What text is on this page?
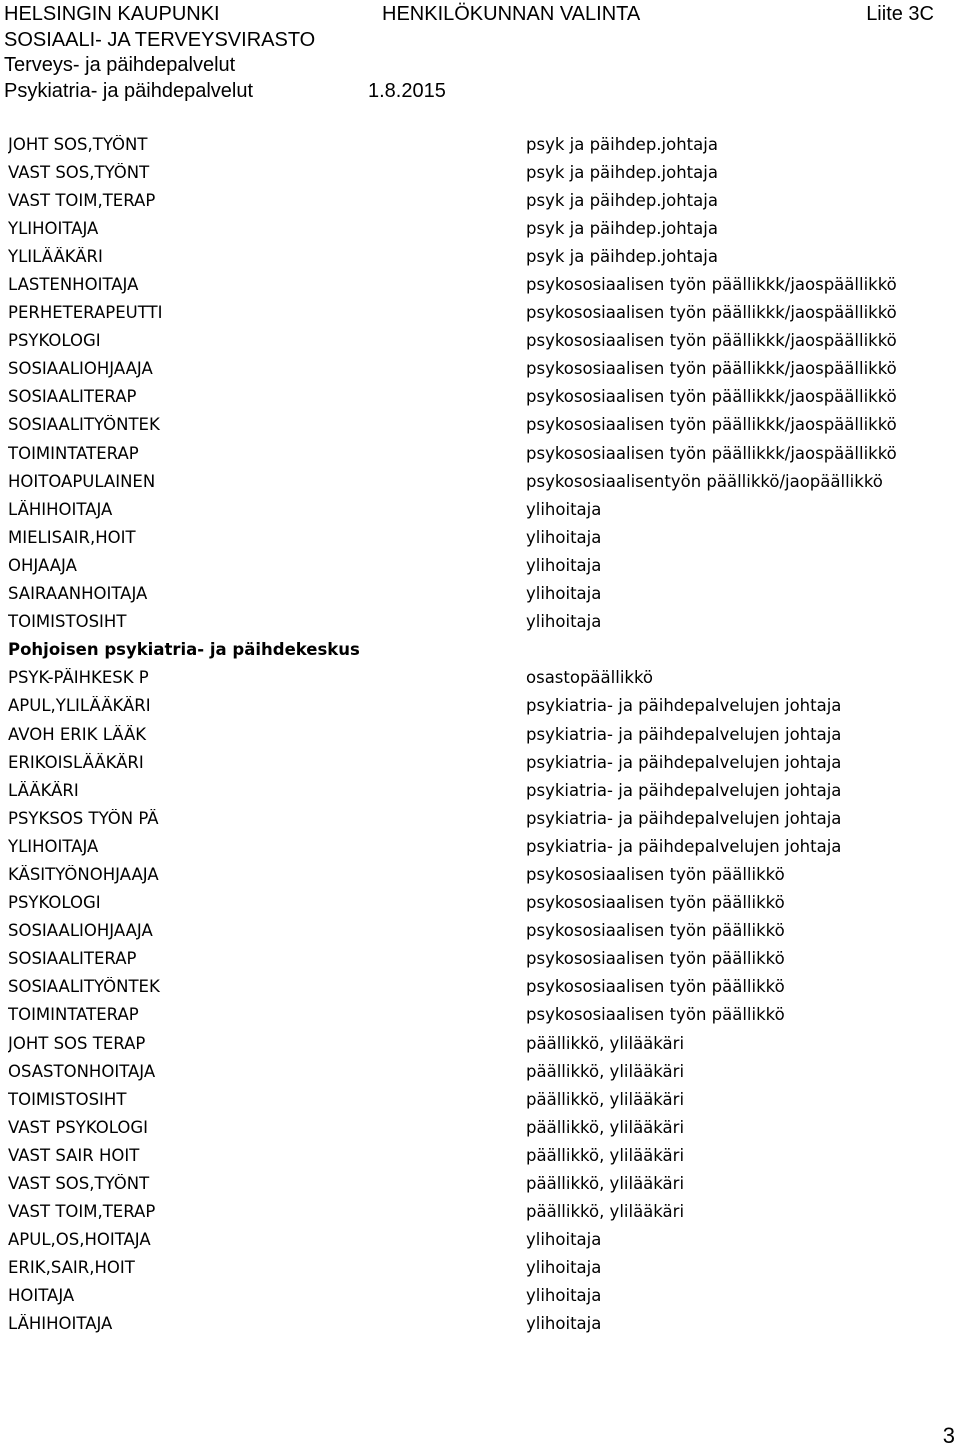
HELSINGIN KAUPUNKI	HENKILÖKUNNAN VALINTA	Liite 3C
SOSIAALI- JA TERVEYSVIRASTO
Terveys- ja päihdepalvelut
Psykiatria- ja päihdepalvelut	1.8.2015
JOHT SOS,TYÖNT	psyk ja päihdep.johtaja
VAST SOS,TYÖNT	psyk ja päihdep.johtaja
VAST TOIM,TERAP	psyk ja päihdep.johtaja
YLIHOITAJA	psyk ja päihdep.johtaja
YLILÄÄKÄRI	psyk ja päihdep.johtaja
LASTENHOITAJA	psykososiaalisen työn päällikkk/jaospäällikkö
PERHETERAPEUTTI	psykososiaalisen työn päällikkk/jaospäällikkö
PSYKOLOGI	psykososiaalisen työn päällikkk/jaospäällikkö
SOSIAALIOHJAAJA	psykososiaalisen työn päällikkk/jaospäällikkö
SOSIAALITERAP	psykososiaalisen työn päällikkk/jaospäällikkö
SOSIAALITYÖNTEK	psykososiaalisen työn päällikkk/jaospäällikkö
TOIMINTATERAP	psykososiaalisen työn päällikkk/jaospäällikkö
HOITOAPULAINEN	psykososiaalisentyön päällikkö/jaopäällikkö
LÄHIHOITAJA	ylihoitaja
MIELISAIR,HOIT	ylihoitaja
OHJAAJA	ylihoitaja
SAIRAANHOITAJA	ylihoitaja
TOIMISTOSIHT	ylihoitaja
Pohjoisen psykiatria- ja päihdekeskus
PSYK-PÄIHKESK P	osastopäällikkö
APUL,YLILÄÄKÄRI	psykiatria- ja päihdepalvelujen johtaja
AVOH ERIK LÄÄK	psykiatria- ja päihdepalvelujen johtaja
ERIKOISLÄÄKÄRI	psykiatria- ja päihdepalvelujen johtaja
LÄÄKÄRI	psykiatria- ja päihdepalvelujen johtaja
PSYKSOS TYÖN PÄ	psykiatria- ja päihdepalvelujen johtaja
YLIHOITAJA	psykiatria- ja päihdepalvelujen johtaja
KÄSITYÖNOHJAAJA	psykososiaalisen työn päällikkö
PSYKOLOGI	psykososiaalisen työn päällikkö
SOSIAALIOHJAAJA	psykososiaalisen työn päällikkö
SOSIAALITERAP	psykososiaalisen työn päällikkö
SOSIAALITYÖNTEK	psykososiaalisen työn päällikkö
TOIMINTATERAP	psykososiaalisen työn päällikkö
JOHT SOS TERAP	päällikkö, ylilääkäri
OSASTONHOITAJA	päällikkö, ylilääkäri
TOIMISTOSIHT	päällikkö, ylilääkäri
VAST PSYKOLOGI	päällikkö, ylilääkäri
VAST SAIR HOIT	päällikkö, ylilääkäri
VAST SOS,TYÖNT	päällikkö, ylilääkäri
VAST TOIM,TERAP	päällikkö, ylilääkäri
APUL,OS,HOITAJA	ylihoitaja
ERIK,SAIR,HOIT	ylihoitaja
HOITAJA	ylihoitaja
LÄHIHOITAJA	ylihoitaja
3
